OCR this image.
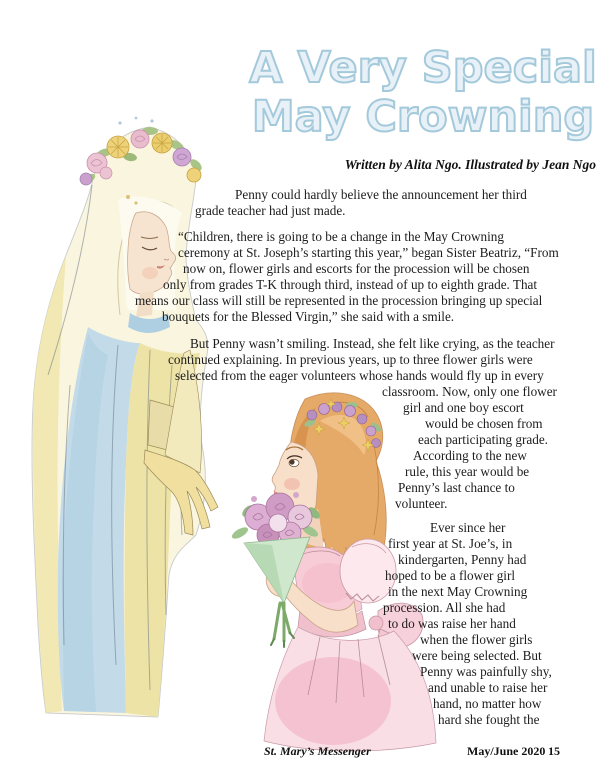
A Very Special
May Crowning
Written by Alita Ngo. Illustrated by Jean Ngo
Penny could hardly believe the announcement her third
grade teacher had just made.
“Children, there is going to be a change in the May Crowning
ceremony at St. Joseph’s starting this year,” began Sister Beatriz, “From
now on, flower girls and escorts for the procession will be chosen
only from grades T-K through third, instead of up to eighth grade. That
means our class will still be represented in the procession bringing up special
bouquets for the Blessed Virgin,” she said with a smile.
But Penny wasn’t smiling. Instead, she felt like crying, as the teacher
continued explaining. In previous years, up to three flower girls were
selected from the eager volunteers whose hands would fly up in every
classroom. Now, only one flower
girl and one boy escort
would be chosen from
each participating grade.
According to the new
rule, this year would be
Penny’s last chance to
volunteer.
Ever since her
first year at St. Joe’s, in
kindergarten, Penny had
hoped to be a flower girl
in the next May Crowning
procession. All she had
to do was raise her hand
when the flower girls
were being selected. But
Penny was painfully shy,
and unable to raise her
hand, no matter how
hard she fought the
St. Mary’s Messenger	May/June 2020 15
